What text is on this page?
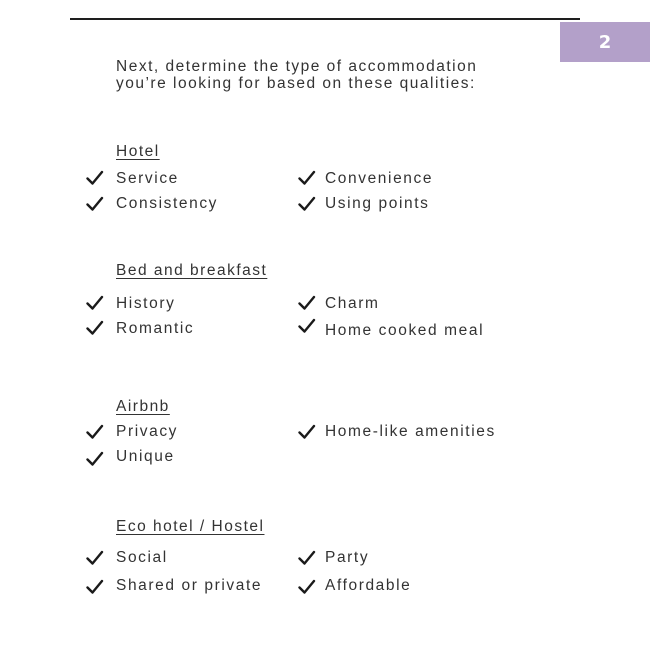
2
Next, determine the type of accommodation
you’re looking for based on these qualities:
Hotel
Service
Consistency
Convenience
Using points
Bed and breakfast
History
Romantic
Charm
Home cooked meal
Airbnb
Privacy
Unique
Home-like amenities
Eco hotel / Hostel
Social
Shared or private
Party
Affordable
